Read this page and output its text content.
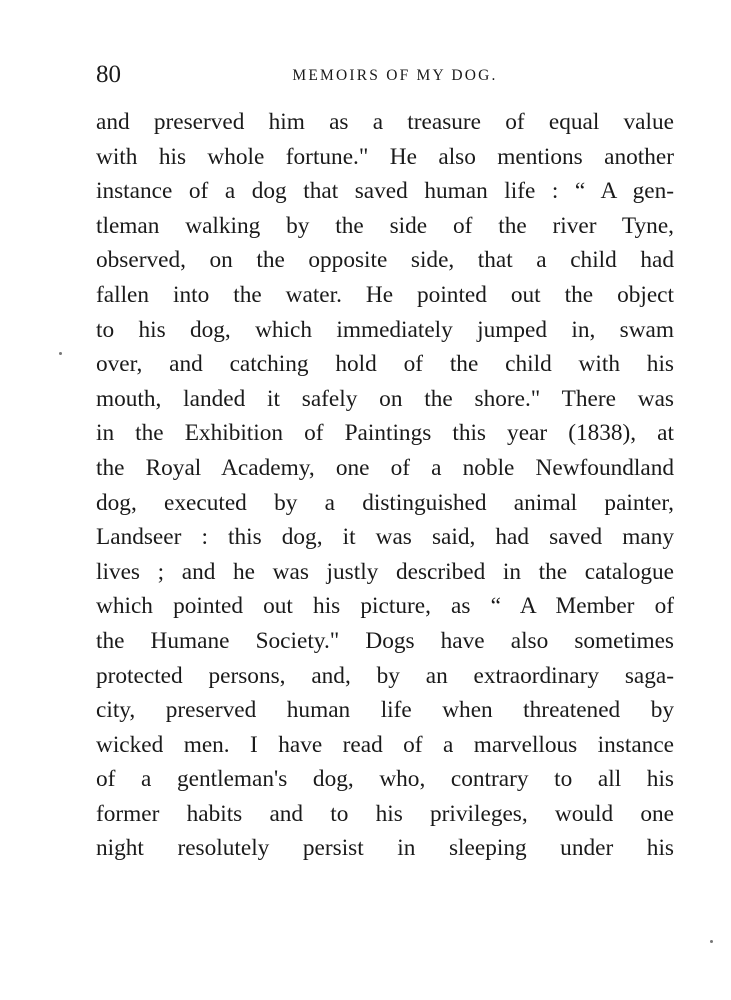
80	MEMOIRS OF MY DOG.
and preserved him as a treasure of equal value
with his whole fortune." He also mentions another
instance of a dog that saved human life : “ A gen-
tleman walking by the side of the river Tyne,
observed, on the opposite side, that a child had
fallen into the water. He pointed out the object
to his dog, which immediately jumped in, swam
over, and catching hold of the child with his
mouth, landed it safely on the shore." There was
in the Exhibition of Paintings this year (1838), at
the Royal Academy, one of a noble Newfoundland
dog, executed by a distinguished animal painter,
Landseer : this dog, it was said, had saved many
lives ; and he was justly described in the catalogue
which pointed out his picture, as “ A Member of
the Humane Society." Dogs have also sometimes
protected persons, and, by an extraordinary saga-
city, preserved human life when threatened by
wicked men. I have read of a marvellous instance
of a gentleman's dog, who, contrary to all his
former habits and to his privileges, would one
night resolutely persist in sleeping under his
